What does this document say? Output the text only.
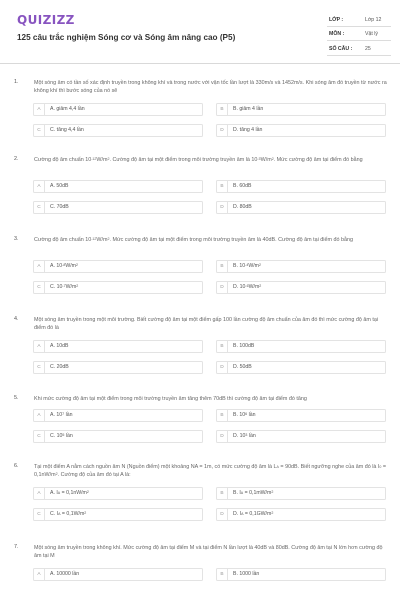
QUIZIZZ
125 câu trắc nghiệm Sóng cơ và Sóng âm nâng cao (P5)
LỚP :	Lớp 12
MÔN :	Vật lý
SỐ CÂU : 25
1.	Một sóng âm có tần số xác định truyền trong không khí và trong nước với vận tốc lần lượt là 330m/s và 1452m/s. Khi sóng âm đó truyền từ nước ra không khí thì bước sóng của nó sẽ
A	A. giảm 4,4 lần	B	B. giảm 4 lần
C	C. tăng 4,4 lần	D	D. tăng 4 lần
2.	Cường độ âm chuẩn $10^{-12}W/m^2$. Cường độ âm tại một điểm trong môi trường truyền âm là $10^{-5}W/m^2$. Mức cường độ âm tại điểm đó bằng
A	A. 50dB	B	B. 60dB
C	C. 70dB	D	D. 80dB
3.	Cường độ âm chuẩn $10^{-12}W/m^2$. Mức cường độ âm tại một điểm trong môi trường truyền âm là 40dB. Cường độ âm tại điểm đó bằng
A	A. $10^{-8}W/m^2$	B	B. $10^{-4}W/m^2$
C	C. $10^{-7}W/m^2$	D	D. $10^{-6}W/m^2$
4.	Một sóng âm truyền trong một môi trường. Biết cường độ âm tại một điểm gấp 100 lần cường độ âm chuẩn của âm đó thì mức cường độ âm tại điểm đó là
A	A. 10dB	B	B. 100dB
C	C. 20dB	D	D. 50dB
5.	Khi mức cường độ âm tại một điểm trong môi trường truyền âm tăng thêm 70dB thì cường độ âm tại điểm đó tăng
A	A. $10^7$ lần	B	B. $10^6$ lần
C	C. $10^5$ lần	D	D. $10^3$ lần
6.	Tại một điểm A nằm cách nguồn âm N (Nguồn điểm) một khoảng NA = 1m, có mức cường độ âm là LA = 90dB. Biết ngưỡng nghe của âm đó là $I0 = 0,1nW/m^2$. Cường độ của âm đó tại A là:
A	A. IA = $0,1nW/m^2$	B	B. IA = $0,1mW/m^2$
C	C. IA = $0,1W/m^2$	D	D. IA = $0,1GW/m^2$
7.	Một sóng âm truyền trong không khí. Mức cường độ âm tại điểm M và tại điểm N lần lượt là 40dB và 80dB. Cường độ âm tại N lớn hơn cường độ âm tại M
A	A. 10000 lần	B	B. 1000 lần
